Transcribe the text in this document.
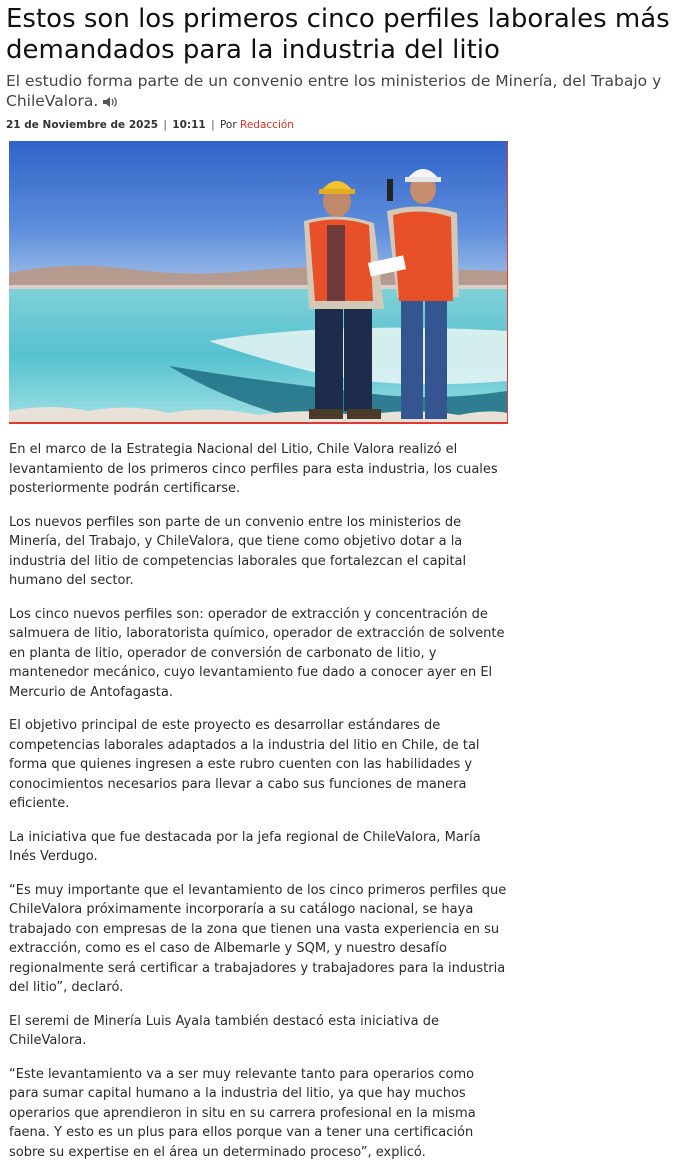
Estos son los primeros cinco perfiles laborales más demandados para la industria del litio

El estudio forma parte de un convenio entre los ministerios de Minería, del Trabajo y ChileValora.

21 de Noviembre de 2025 | 10:11 | Por Redacción

En el marco de la Estrategia Nacional del Litio, Chile Valora realizó el levantamiento de los primeros cinco perfiles para esta industria, los cuales posteriormente podrán certificarse.

Los nuevos perfiles son parte de un convenio entre los ministerios de Minería, del Trabajo, y ChileValora, que tiene como objetivo dotar a la industria del litio de competencias laborales que fortalezcan el capital humano del sector.

Los cinco nuevos perfiles son: operador de extracción y concentración de salmuera de litio, laboratorista químico, operador de extracción de solvente en planta de litio, operador de conversión de carbonato de litio, y mantenedor mecánico, cuyo levantamiento fue dado a conocer ayer en El Mercurio de Antofagasta.

El objetivo principal de este proyecto es desarrollar estándares de competencias laborales adaptados a la industria del litio en Chile, de tal forma que quienes ingresen a este rubro cuenten con las habilidades y conocimientos necesarios para llevar a cabo sus funciones de manera eficiente.

La iniciativa que fue destacada por la jefa regional de ChileValora, María Inés Verdugo.

“Es muy importante que el levantamiento de los cinco primeros perfiles que ChileValora próximamente incorporaría a su catálogo nacional, se haya trabajado con empresas de la zona que tienen una vasta experiencia en su extracción, como es el caso de Albemarle y SQM, y nuestro desafío regionalmente será certificar a trabajadores y trabajadores para la industria del litio”, declaró.

El seremi de Minería Luis Ayala también destacó esta iniciativa de ChileValora.

“Este levantamiento va a ser muy relevante tanto para operarios como para sumar capital humano a la industria del litio, ya que hay muchos operarios que aprendieron in situ en su carrera profesional en la misma faena. Y esto es un plus para ellos porque van a tener una certificación sobre su expertise en el área un determinado proceso”, explicó.
